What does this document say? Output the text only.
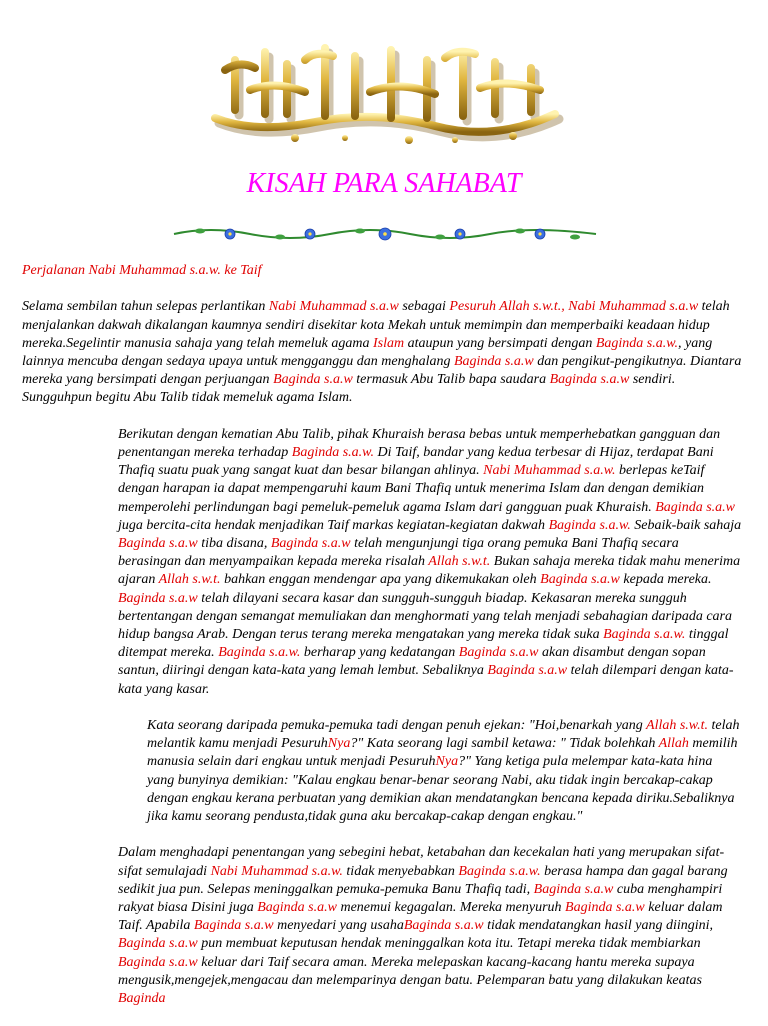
KISAH PARA SAHABAT

Perjalanan Nabi Muhammad s.a.w. ke Taif

Selama sembilan tahun selepas perlantikan Nabi Muhammad s.a.w sebagai Pesuruh Allah s.w.t., Nabi Muhammad s.a.w telah menjalankan dakwah dikalangan kaumnya sendiri disekitar kota Mekah untuk memimpin dan memperbaiki keadaan hidup mereka.Segelintir manusia sahaja yang telah memeluk agama Islam ataupun yang bersimpati dengan Baginda s.a.w., yang lainnya mencuba dengan sedaya upaya untuk mengganggu dan menghalang Baginda s.a.w dan pengikut-pengikutnya. Diantara mereka yang bersimpati dengan perjuangan Baginda s.a.w termasuk Abu Talib bapa saudara Baginda s.a.w sendiri. Sungguhpun begitu Abu Talib tidak memeluk agama Islam.

Berikutan dengan kematian Abu Talib, pihak Khuraish berasa bebas untuk memperhebatkan gangguan dan penentangan mereka terhadap Baginda s.a.w. Di Taif, bandar yang kedua terbesar di Hijaz, terdapat Bani Thafiq suatu puak yang sangat kuat dan besar bilangan ahlinya. Nabi Muhammad s.a.w. berlepas keTaif dengan harapan ia dapat mempengaruhi kaum Bani Thafiq untuk menerima Islam dan dengan demikian memperolehi perlindungan bagi pemeluk-pemeluk agama Islam dari gangguan puak Khuraish. Baginda s.a.w juga bercita-cita hendak menjadikan Taif markas kegiatan-kegiatan dakwah Baginda s.a.w. Sebaik-baik sahaja Baginda s.a.w tiba disana, Baginda s.a.w telah mengunjungi tiga orang pemuka Bani Thafiq secara berasingan dan menyampaikan kepada mereka risalah Allah s.w.t. Bukan sahaja mereka tidak mahu menerima ajaran Allah s.w.t. bahkan enggan mendengar apa yang dikemukakan oleh Baginda s.a.w kepada mereka. Baginda s.a.w telah dilayani secara kasar dan sungguh-sungguh biadap. Kekasaran mereka sungguh bertentangan dengan semangat memuliakan dan menghormati yang telah menjadi sebahagian daripada cara hidup bangsa Arab. Dengan terus terang mereka mengatakan yang mereka tidak suka Baginda s.a.w. tinggal ditempat mereka. Baginda s.a.w. berharap yang kedatangan Baginda s.a.w akan disambut dengan sopan santun, diiringi dengan kata-kata yang lemah lembut. Sebaliknya Baginda s.a.w telah dilempari dengan kata-kata yang kasar.

Kata seorang daripada pemuka-pemuka tadi dengan penuh ejekan: "Hoi,benarkah yang Allah s.w.t. telah melantik kamu menjadi PesuruhNya?" Kata seorang lagi sambil ketawa: " Tidak bolehkah Allah memilih manusia selain dari engkau untuk menjadi PesuruhNya?" Yang ketiga pula melempar kata-kata hina yang bunyinya demikian: "Kalau engkau benar-benar seorang Nabi, aku tidak ingin bercakap-cakap dengan engkau kerana perbuatan yang demikian akan mendatangkan bencana kepada diriku.Sebaliknya jika kamu seorang pendusta,tidak guna aku bercakap-cakap dengan engkau."

Dalam menghadapi penentangan yang sebegini hebat, ketabahan dan kecekalan hati yang merupakan sifat-sifat semulajadi Nabi Muhammad s.a.w. tidak menyebabkan Baginda s.a.w. berasa hampa dan gagal barang sedikit jua pun. Selepas meninggalkan pemuka-pemuka Banu Thafiq tadi, Baginda s.a.w cuba menghampiri rakyat biasa Disini juga Baginda s.a.w menemui kegagalan. Mereka menyuruh Baginda s.a.w keluar dalam Taif. Apabila Baginda s.a.w menyedari yang usahaBaginda s.a.w tidak mendatangkan hasil yang diingini, Baginda s.a.w pun membuat keputusan hendak meninggalkan kota itu. Tetapi mereka tidak membiarkan Baginda s.a.w keluar dari Taif secara aman. Mereka melepaskan kacang-kacang hantu mereka supaya mengusik,mengejek,mengacau dan melemparinya dengan batu. Pelemparan batu yang dilakukan keatas Baginda
